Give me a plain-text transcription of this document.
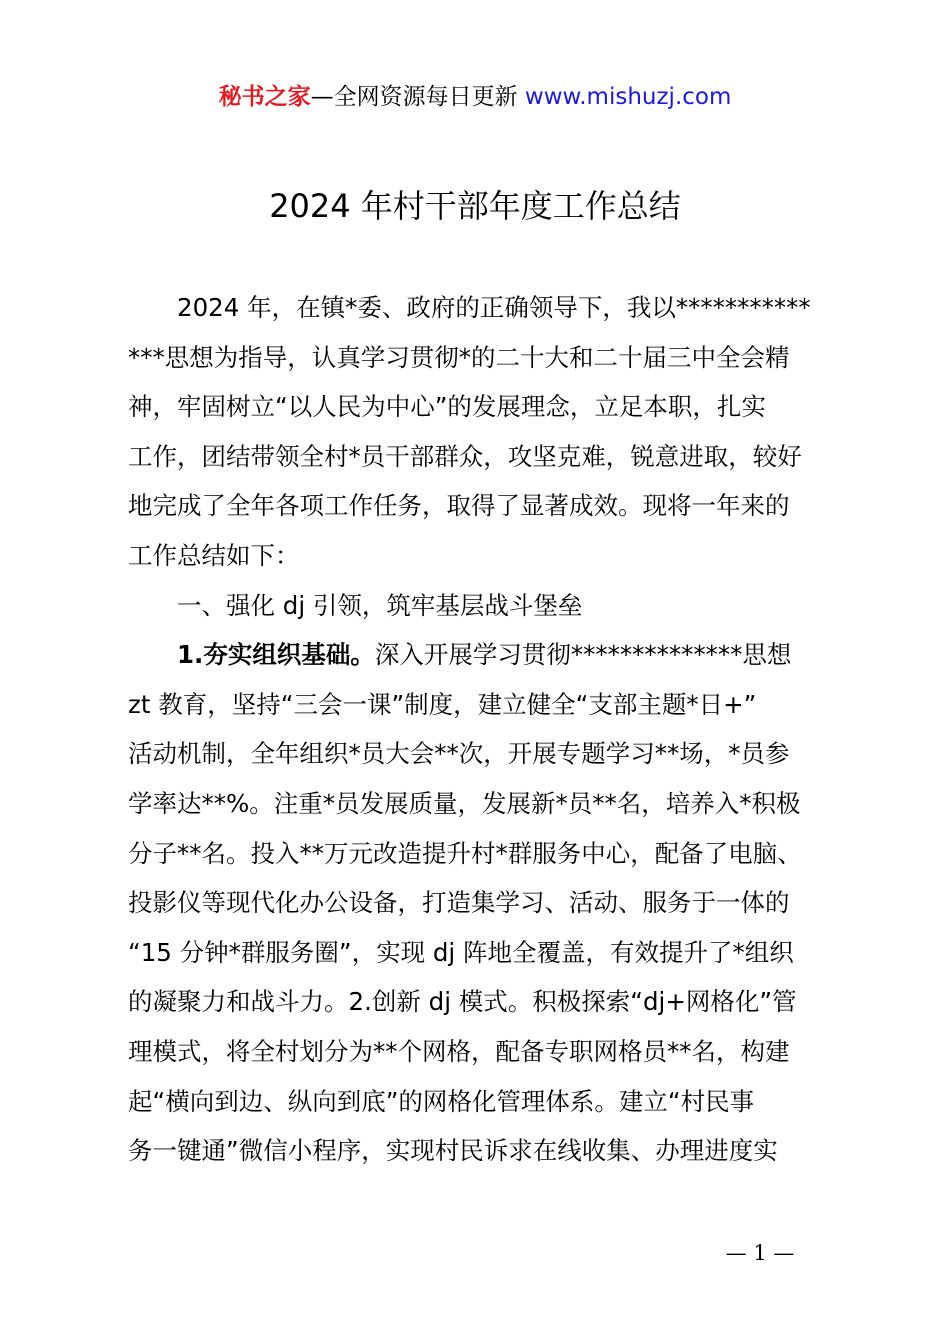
秘书之家—全网资源每日更新 www.mishuzj.com
2024 年村干部年度工作总结
2024 年，在镇*委、政府的正确领导下，我以***********
***思想为指导，认真学习贯彻*的二十大和二十届三中全会精
神，牢固树立“以人民为中心”的发展理念，立足本职，扎实
工作，团结带领全村*员干部群众，攻坚克难，锐意进取，较好
地完成了全年各项工作任务，取得了显著成效。现将一年来的
工作总结如下：
一、强化 dj 引领，筑牢基层战斗堡垒
1.夯实组织基础。深入开展学习贯彻**************思想
zt 教育，坚持“三会一课”制度，建立健全“支部主题*日+”
活动机制，全年组织*员大会**次，开展专题学习**场，*员参
学率达**%。注重*员发展质量，发展新*员**名，培养入*积极
分子**名。投入**万元改造提升村*群服务中心，配备了电脑、
投影仪等现代化办公设备，打造集学习、活动、服务于一体的
“15 分钟*群服务圈”，实现 dj 阵地全覆盖，有效提升了*组织
的凝聚力和战斗力。2.创新 dj 模式。积极探索“dj+网格化”管
理模式，将全村划分为**个网格，配备专职网格员**名，构建
起“横向到边、纵向到底”的网格化管理体系。建立“村民事
务一键通”微信小程序，实现村民诉求在线收集、办理进度实
— 1 —
